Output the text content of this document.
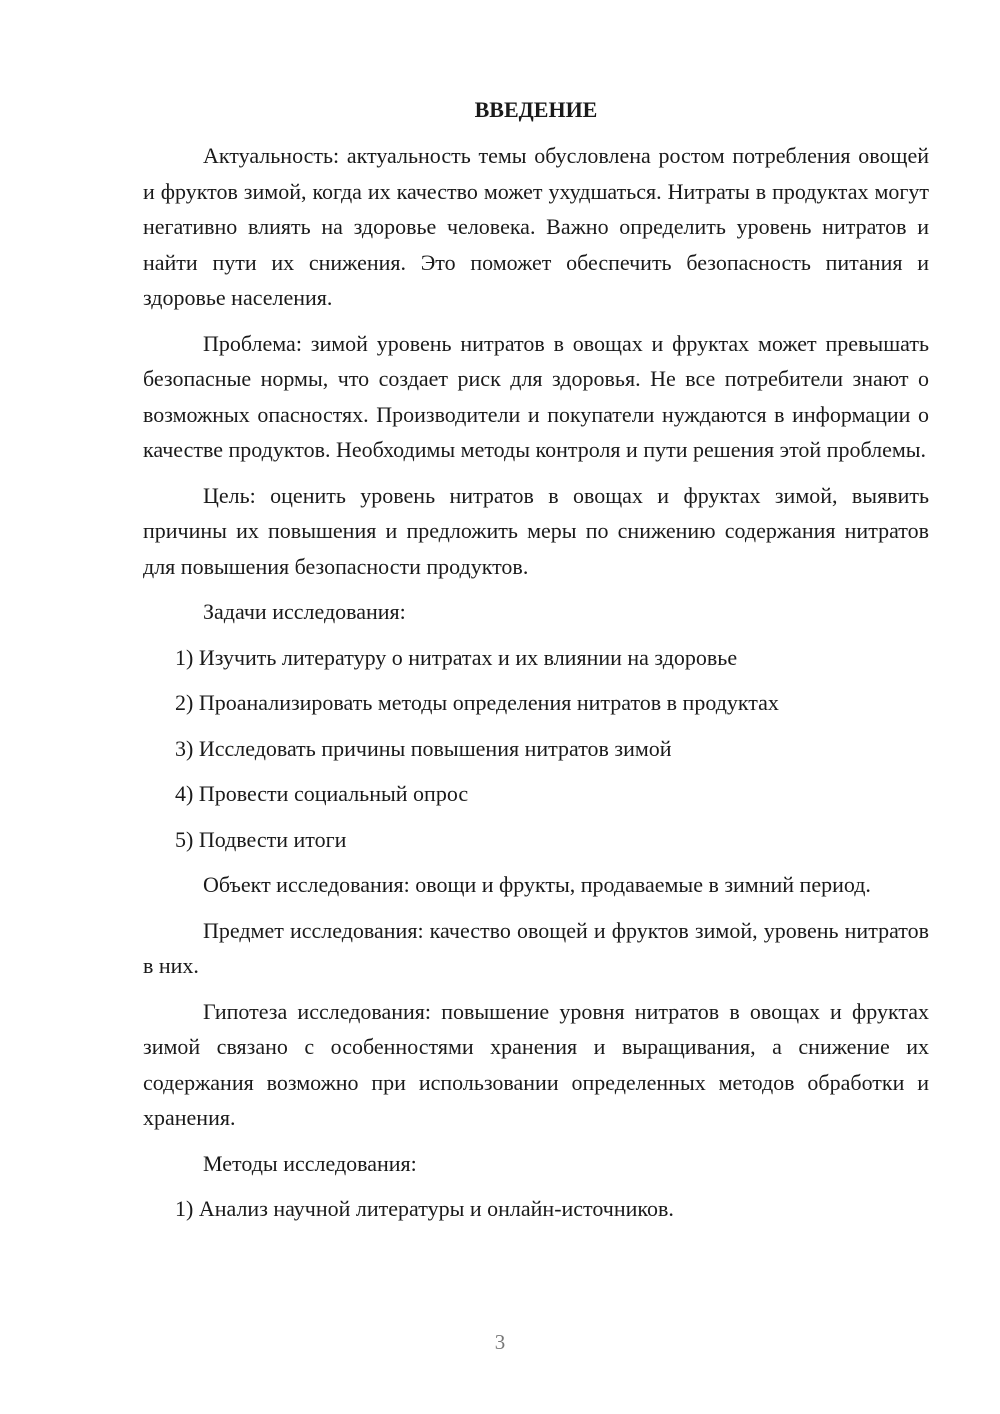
ВВЕДЕНИЕ

Актуальность: актуальность темы обусловлена ростом потребления овощей и фруктов зимой, когда их качество может ухудшаться. Нитраты в продуктах могут негативно влиять на здоровье человека. Важно определить уровень нитратов и найти пути их снижения. Это поможет обеспечить безопасность питания и здоровье населения.

Проблема: зимой уровень нитратов в овощах и фруктах может превышать безопасные нормы, что создает риск для здоровья. Не все потребители знают о возможных опасностях. Производители и покупатели нуждаются в информации о качестве продуктов. Необходимы методы контроля и пути решения этой проблемы.

Цель: оценить уровень нитратов в овощах и фруктах зимой, выявить причины их повышения и предложить меры по снижению содержания нитратов для повышения безопасности продуктов.

Задачи исследования:

1) Изучить литературу о нитратах и их влиянии на здоровье

2) Проанализировать методы определения нитратов в продуктах

3) Исследовать причины повышения нитратов зимой

4) Провести социальный опрос

5) Подвести итоги

Объект исследования: овощи и фрукты, продаваемые в зимний период.

Предмет исследования: качество овощей и фруктов зимой, уровень нитратов в них.

Гипотеза исследования: повышение уровня нитратов в овощах и фруктах зимой связано с особенностями хранения и выращивания, а снижение их содержания возможно при использовании определенных методов обработки и хранения.

Методы исследования:

1) Анализ научной литературы и онлайн-источников.

3
